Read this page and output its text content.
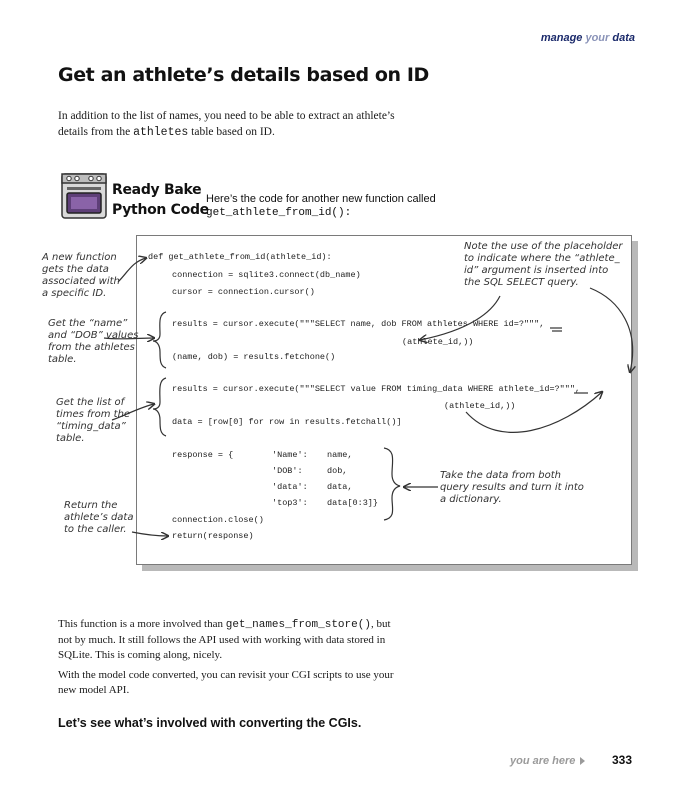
manage your data
Get an athlete’s details based on ID
In addition to the list of names, you need to be able to extract an athlete’s
details from the athletes table based on ID.
Ready Bake
Python Code
Here’s the code for another new function called
get_athlete_from_id():
def get_athlete_from_id(athlete_id):
connection = sqlite3.connect(db_name)
cursor = connection.cursor()
results = cursor.execute("""SELECT name, dob FROM athletes WHERE id=?""",
(athlete_id,))
(name, dob) = results.fetchone()
results = cursor.execute("""SELECT value FROM timing_data WHERE athlete_id=?""",
(athlete_id,))
data = [row[0] for row in results.fetchall()]
response = {	'Name': name,
'DOB':	dob,
'data': data,
'top3': data[0:3]}
connection.close()
return(response)
A new function
gets the data
associated with
a specific ID.
Get the “name”
and “DOB” values
from the athletes
table.
Get the list of
times from the
“timing_data”
table.
Return the
athlete’s data
to the caller.
Note the use of the placeholder
to indicate where the “athlete_
id” argument is inserted into
the SQL SELECT query.
Take the data from both
query results and turn it into
a dictionary.
This function is a more involved than get_names_from_store(), but
not by much. It still follows the API used with working with data stored in
SQLite. This is coming along, nicely.
With the model code converted, you can revisit your CGI scripts to use your
new model API.
Let’s see what’s involved with converting the CGIs.
you are here	333
